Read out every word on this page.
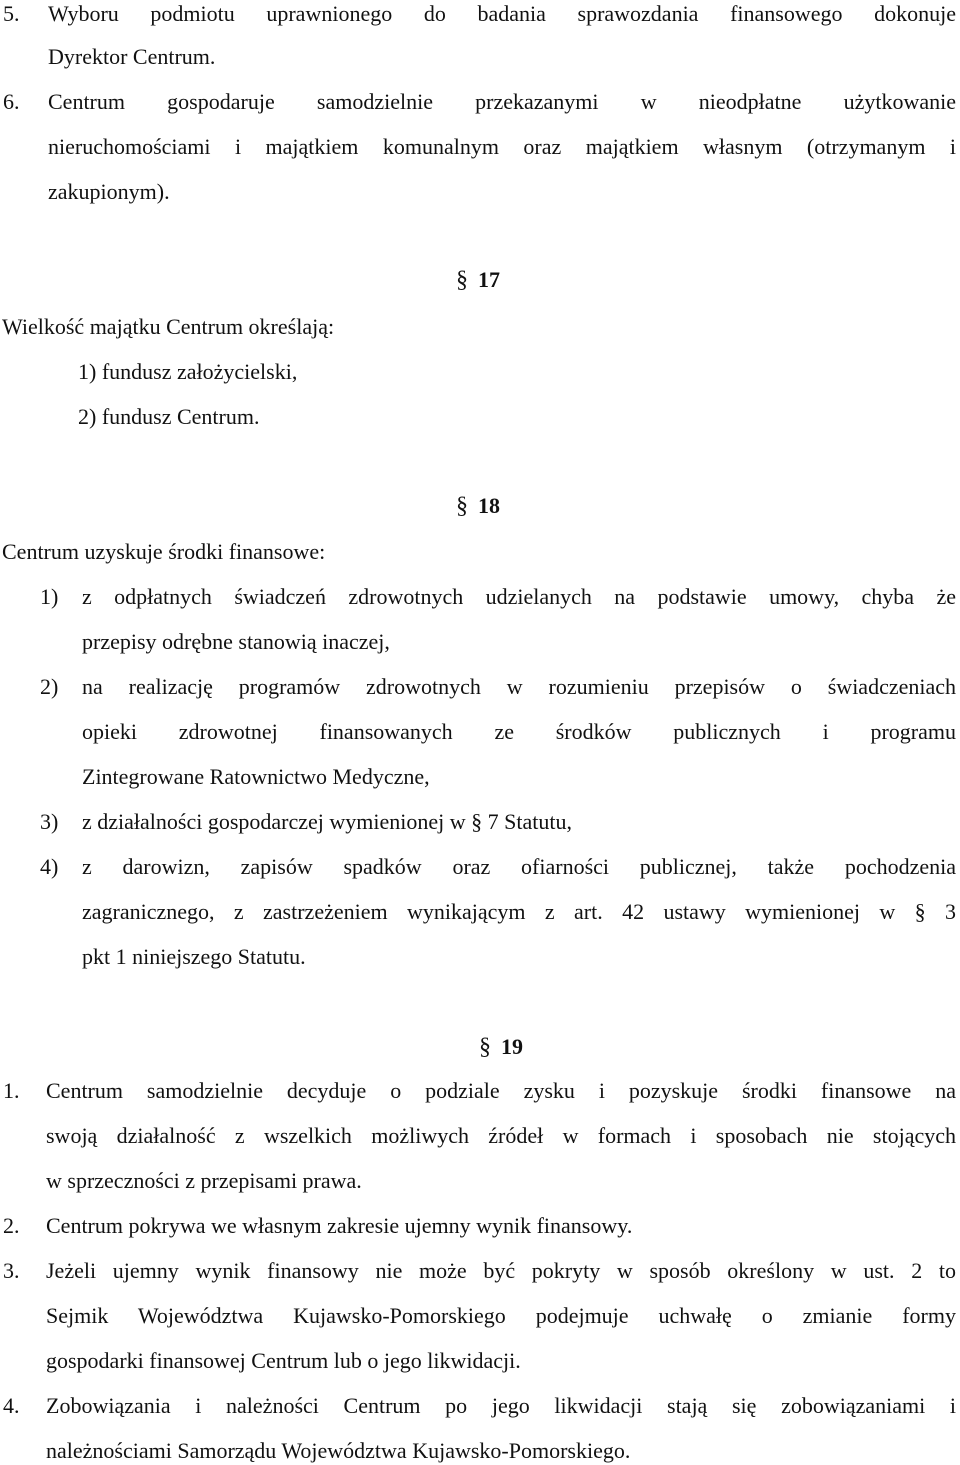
5. Wyboru podmiotu uprawnionego do badania sprawozdania finansowego dokonuje
Dyrektor Centrum.
6. Centrum gospodaruje samodzielnie przekazanymi w nieodpłatne użytkowanie
nieruchomościami i majątkiem komunalnym oraz majątkiem własnym (otrzymanym i
zakupionym).
§ 17
Wielkość majątku Centrum określają:
1) fundusz założycielski,
2) fundusz Centrum.
§ 18
Centrum uzyskuje środki finansowe:
1) z odpłatnych świadczeń zdrowotnych udzielanych na podstawie umowy, chyba że
przepisy odrębne stanowią inaczej,
2) na realizację programów zdrowotnych w rozumieniu przepisów o świadczeniach
opieki zdrowotnej finansowanych ze środków publicznych i programu
Zintegrowane Ratownictwo Medyczne,
3) z działalności gospodarczej wymienionej w § 7 Statutu,
4) z darowizn, zapisów spadków oraz ofiarności publicznej, także pochodzenia
zagranicznego, z zastrzeżeniem wynikającym z art. 42 ustawy wymienionej w § 3
pkt 1 niniejszego Statutu.
§ 19
1. Centrum samodzielnie decyduje o podziale zysku i pozyskuje środki finansowe na
swoją działalność z wszelkich możliwych źródeł w formach i sposobach nie stojących
w sprzeczności z przepisami prawa.
2. Centrum pokrywa we własnym zakresie ujemny wynik finansowy.
3. Jeżeli ujemny wynik finansowy nie może być pokryty w sposób określony w ust. 2 to
Sejmik Województwa Kujawsko-Pomorskiego podejmuje uchwałę o zmianie formy
gospodarki finansowej Centrum lub o jego likwidacji.
4. Zobowiązania i należności Centrum po jego likwidacji stają się zobowiązaniami i
należnościami Samorządu Województwa Kujawsko-Pomorskiego.
